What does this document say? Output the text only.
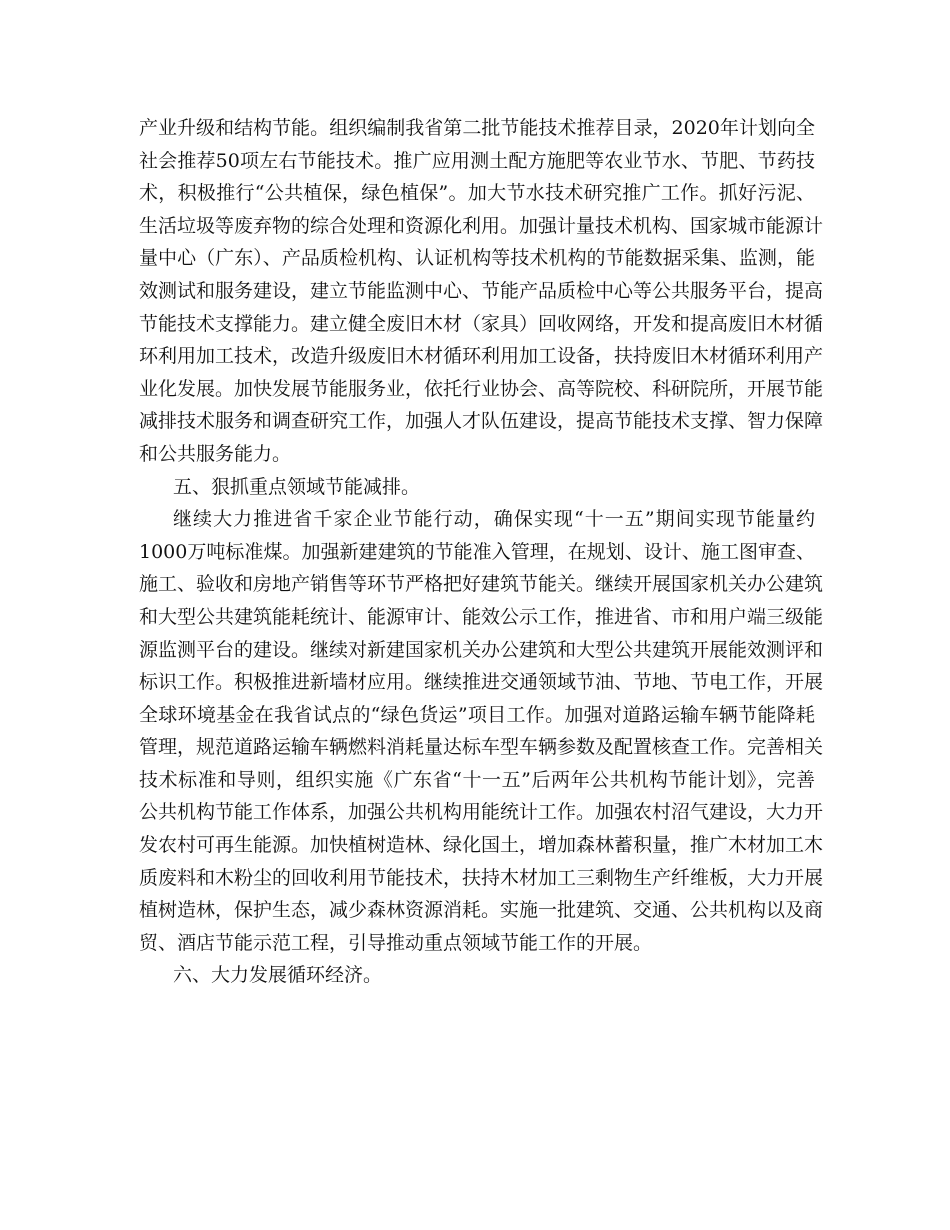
产业升级和结构节能。组织编制我省第二批节能技术推荐目录，2020年计划向全
社会推荐50项左右节能技术。推广应用测土配方施肥等农业节水、节肥、节药技
术，积极推行“公共植保，绿色植保”。加大节水技术研究推广工作。抓好污泥、
生活垃圾等废弃物的综合处理和资源化利用。加强计量技术机构、国家城市能源计
量中心（广东）、产品质检机构、认证机构等技术机构的节能数据采集、监测，能
效测试和服务建设，建立节能监测中心、节能产品质检中心等公共服务平台，提高
节能技术支撑能力。建立健全废旧木材（家具）回收网络，开发和提高废旧木材循
环利用加工技术，改造升级废旧木材循环利用加工设备，扶持废旧木材循环利用产
业化发展。加快发展节能服务业，依托行业协会、高等院校、科研院所，开展节能
减排技术服务和调查研究工作，加强人才队伍建设，提高节能技术支撑、智力保障
和公共服务能力。
五、狠抓重点领域节能减排。
继续大力推进省千家企业节能行动，确保实现“十一五”期间实现节能量约
1000万吨标准煤。加强新建建筑的节能准入管理，在规划、设计、施工图审查、
施工、验收和房地产销售等环节严格把好建筑节能关。继续开展国家机关办公建筑
和大型公共建筑能耗统计、能源审计、能效公示工作，推进省、市和用户端三级能
源监测平台的建设。继续对新建国家机关办公建筑和大型公共建筑开展能效测评和
标识工作。积极推进新墙材应用。继续推进交通领域节油、节地、节电工作，开展
全球环境基金在我省试点的“绿色货运”项目工作。加强对道路运输车辆节能降耗
管理，规范道路运输车辆燃料消耗量达标车型车辆参数及配置核查工作。完善相关
技术标准和导则，组织实施《广东省“十一五”后两年公共机构节能计划》，完善
公共机构节能工作体系，加强公共机构用能统计工作。加强农村沼气建设，大力开
发农村可再生能源。加快植树造林、绿化国土，增加森林蓄积量，推广木材加工木
质废料和木粉尘的回收利用节能技术，扶持木材加工三剩物生产纤维板，大力开展
植树造林，保护生态，减少森林资源消耗。实施一批建筑、交通、公共机构以及商
贸、酒店节能示范工程，引导推动重点领域节能工作的开展。
六、大力发展循环经济。
